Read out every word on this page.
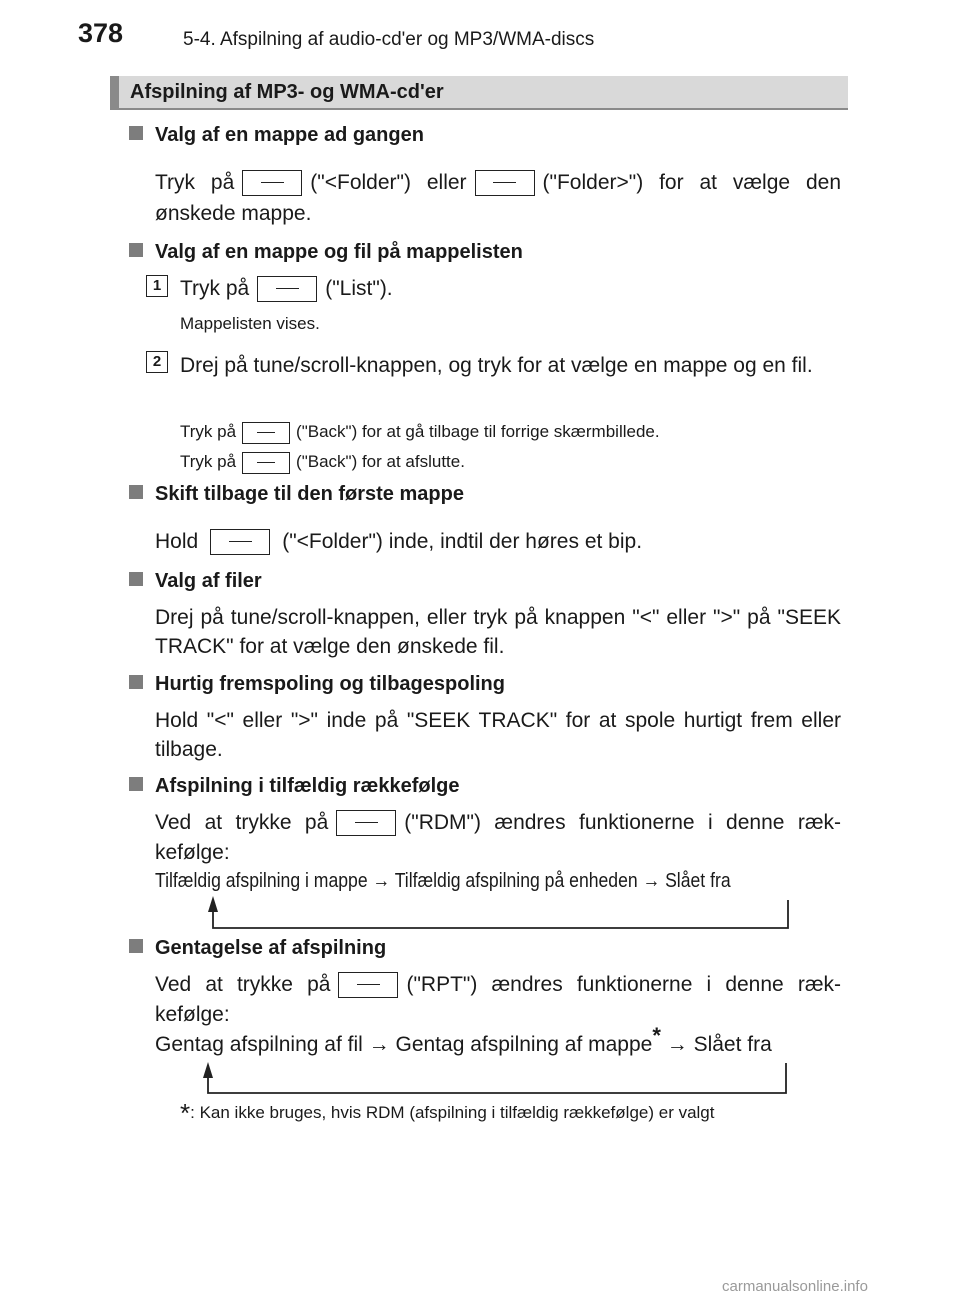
378	5-4. Afspilning af audio-cd'er og MP3/WMA-discs
Afspilning af MP3- og WMA-cd'er
Valg af en mappe ad gangen
Tryk på	("<Folder") eller	("Folder>") for at vælge den
ønskede mappe.
Valg af en mappe og fil på mappelisten
1 Tryk på	("List").
Mappelisten vises.
2 Drej på tune/scroll-knappen, og tryk for at vælge en mappe og en fil.
Tryk på	("Back") for at gå tilbage til forrige skærmbillede.
Tryk på	("Back") for at afslutte.
Skift tilbage til den første mappe
Hold	("<Folder") inde, indtil der høres et bip.
Valg af filer
Drej på tune/scroll-knappen, eller tryk på knappen "<" eller ">" på "SEEK TRACK" for at vælge den ønskede fil.
Hurtig fremspoling og tilbagespoling
Hold "<" eller ">" inde på "SEEK TRACK" for at spole hurtigt frem eller tilbage.
Afspilning i tilfældig rækkefølge
Ved at trykke på	("RDM") ændres funktionerne i denne ræk-
kefølge:
Tilfældig afspilning i mappe → Tilfældig afspilning på enheden → Slået fra
Gentagelse af afspilning
Ved at trykke på	("RPT") ændres funktionerne i denne ræk-
kefølge:
Gentag afspilning af fil → Gentag afspilning af mappe* → Slået fra
*: Kan ikke bruges, hvis RDM (afspilning i tilfældig rækkefølge) er valgt
carmanualsonline.info
